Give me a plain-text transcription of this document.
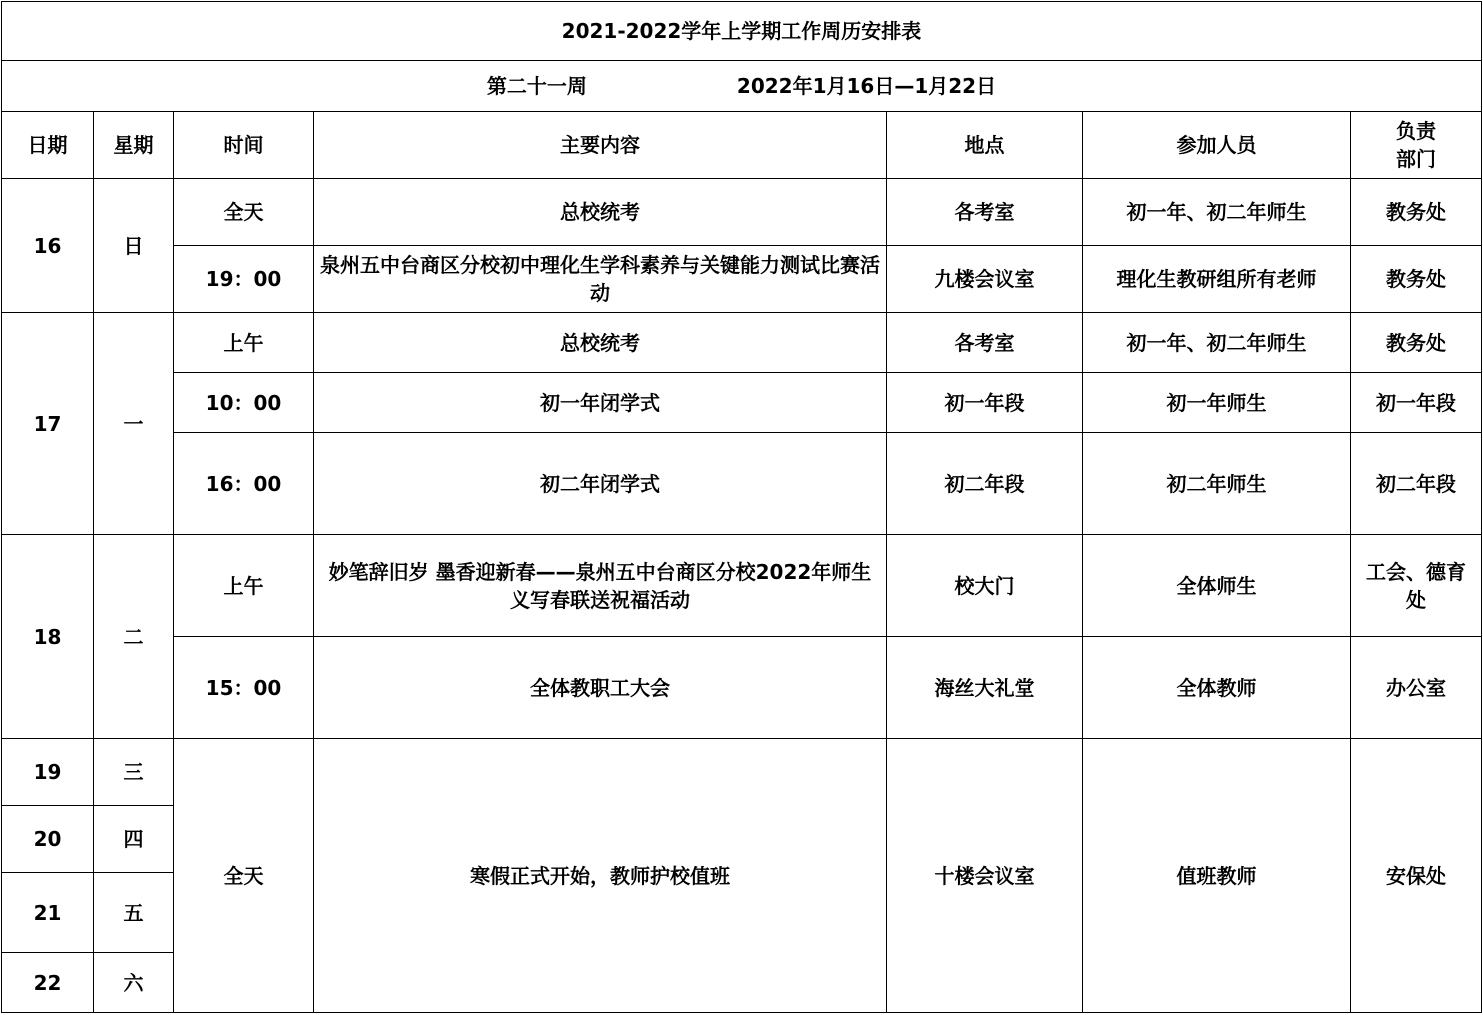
2021-2022学年上学期工作周历安排表						
第二十一周 2022年1月16日—1月22日						
日期	星期	时间	主要内容	地点	参加人员	负责
部门
16	日	全天	总校统考	各考室	初一年、初二年师生	教务处
		19：00	泉州五中台商区分校初中理化生学科素养与关键能力测试比赛活动	九楼会议室	理化生教研组所有老师	教务处
17	一	上午	总校统考	各考室	初一年、初二年师生	教务处
		10：00	初一年闭学式	初一年段	初一年师生	初一年段
		16：00	初二年闭学式	初二年段	初二年师生	初二年段
18	二	上午	妙笔辞旧岁 墨香迎新春——泉州五中台商区分校2022年师生义写春联送祝福活动	校大门	全体师生	工会、德育处
		15：00	全体教职工大会	海丝大礼堂	全体教师	办公室
19	三	全天	寒假正式开始，教师护校值班	十楼会议室	值班教师	安保处
20	四					
21	五					
22	六					
